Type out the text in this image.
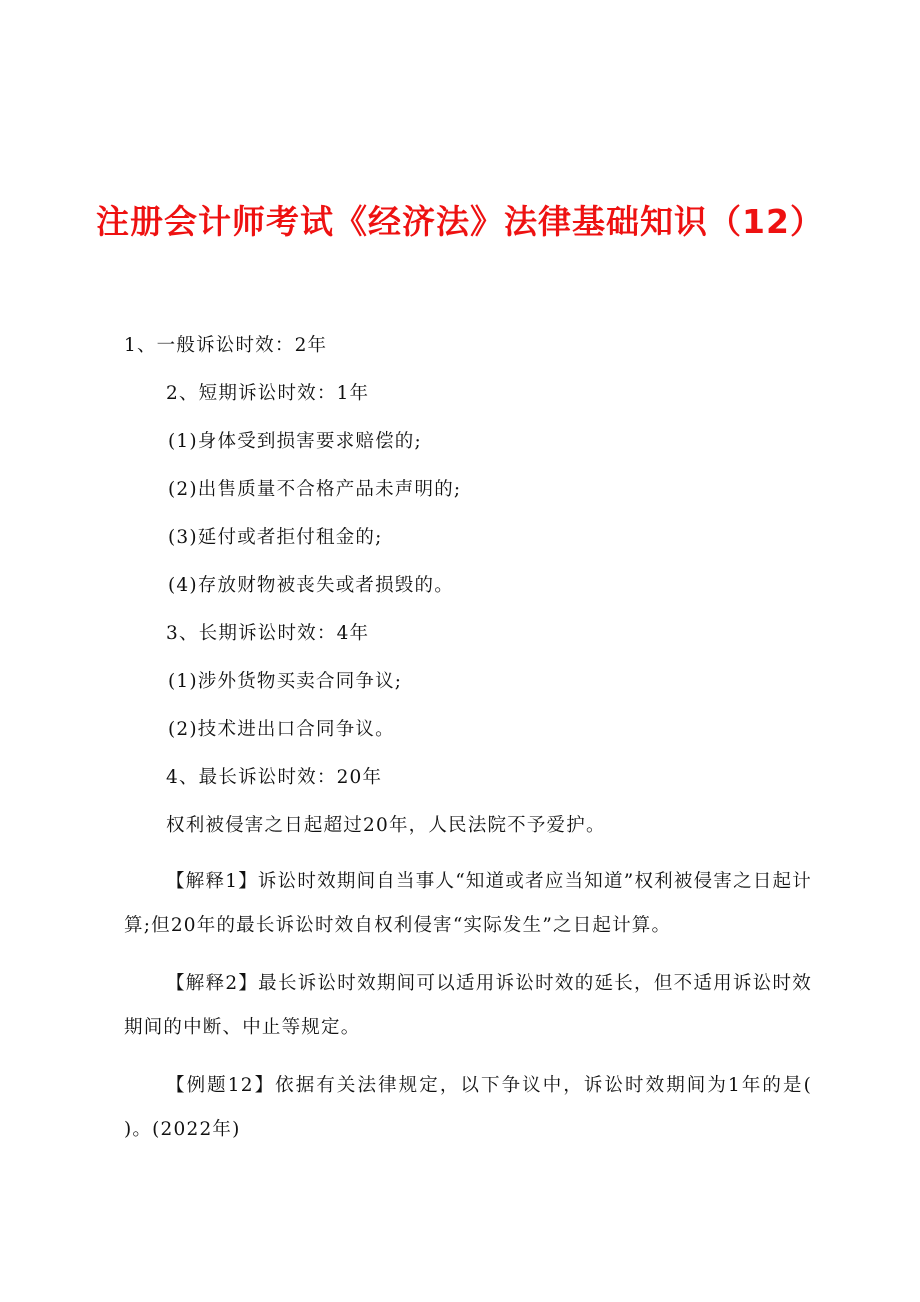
注册会计师考试《经济法》法律基础知识（12）

1、一般诉讼时效：2年

2、短期诉讼时效：1年

(1)身体受到损害要求赔偿的;

(2)出售质量不合格产品未声明的;

(3)延付或者拒付租金的;

(4)存放财物被丧失或者损毁的。

3、长期诉讼时效：4年

(1)涉外货物买卖合同争议;

(2)技术进出口合同争议。

4、最长诉讼时效：20年

权利被侵害之日起超过20年，人民法院不予爱护。

【解释1】诉讼时效期间自当事人“知道或者应当知道”权利被侵害之日起计算;但20年的最长诉讼时效自权利侵害“实际发生”之日起计算。

【解释2】最长诉讼时效期间可以适用诉讼时效的延长，但不适用诉讼时效期间的中断、中止等规定。

【例题12】依据有关法律规定，以下争议中，诉讼时效期间为1年的是( )。(2022年)
